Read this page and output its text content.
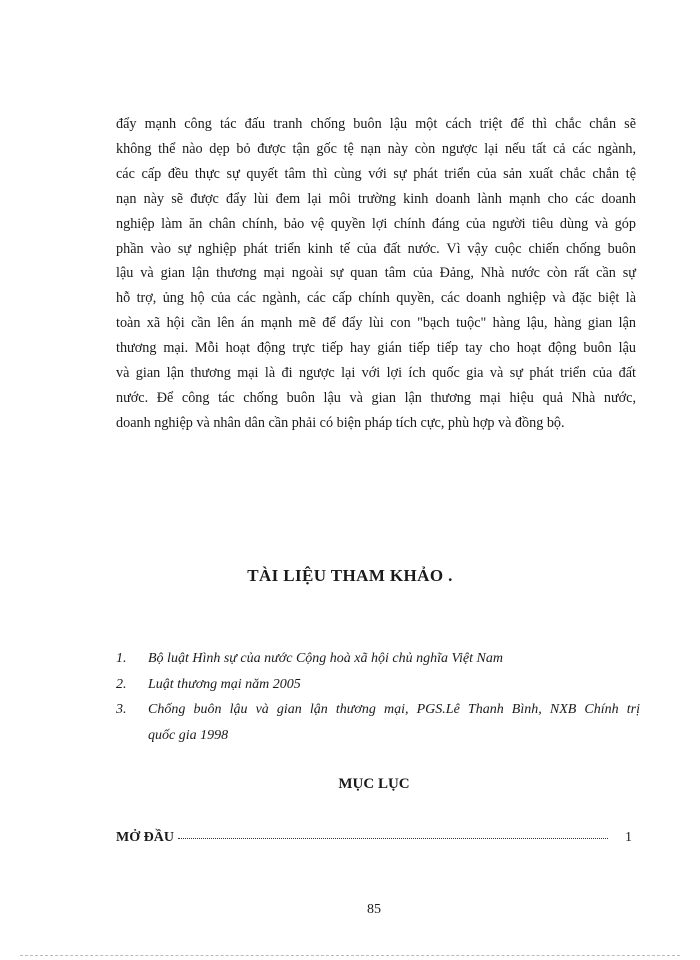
đẩy mạnh công tác đấu tranh chống buôn lậu một cách triệt để thì chắc chắn sẽ
không thể nào dẹp bỏ được tận gốc tệ nạn này còn ngược lại nếu tất cả các ngành,
các cấp đều thực sự quyết tâm thì cùng với sự phát triển của sản xuất chắc chắn tệ
nạn này sẽ được đẩy lùi đem lại môi trường kinh doanh lành mạnh cho các doanh
nghiệp làm ăn chân chính, bảo vệ quyền lợi chính đáng của người tiêu dùng và góp
phần vào sự nghiệp phát triển kinh tế của đất nước. Vì vậy cuộc chiến chống buôn
lậu và gian lận thương mại ngoài sự quan tâm của Đảng, Nhà nước còn rất cần sự
hỗ trợ, ủng hộ của các ngành, các cấp chính quyền, các doanh nghiệp và đặc biệt là
toàn xã hội cần lên án mạnh mẽ để đẩy lùi con "bạch tuộc" hàng lậu, hàng gian lận
thương mại. Mỗi hoạt động trực tiếp hay gián tiếp tiếp tay cho hoạt động buôn lậu
và gian lận thương mại là đi ngược lại với lợi ích quốc gia và sự phát triển của đất
nước. Để công tác chống buôn lậu và gian lận thương mại hiệu quả Nhà nước,
doanh nghiệp và nhân dân cần phải có biện pháp tích cực, phù hợp và đồng bộ.
TÀI LIỆU THAM KHẢO .
1.	Bộ luật Hình sự của nước Cộng hoà xã hội chủ nghĩa Việt Nam
2.	Luật thương mại năm 2005
3.	Chống buôn lậu và gian lận thương mại, PGS.Lê Thanh Bình, NXB Chính trị
quốc gia 1998
MỤC LỤC
MỞ ĐẦU	1
85
